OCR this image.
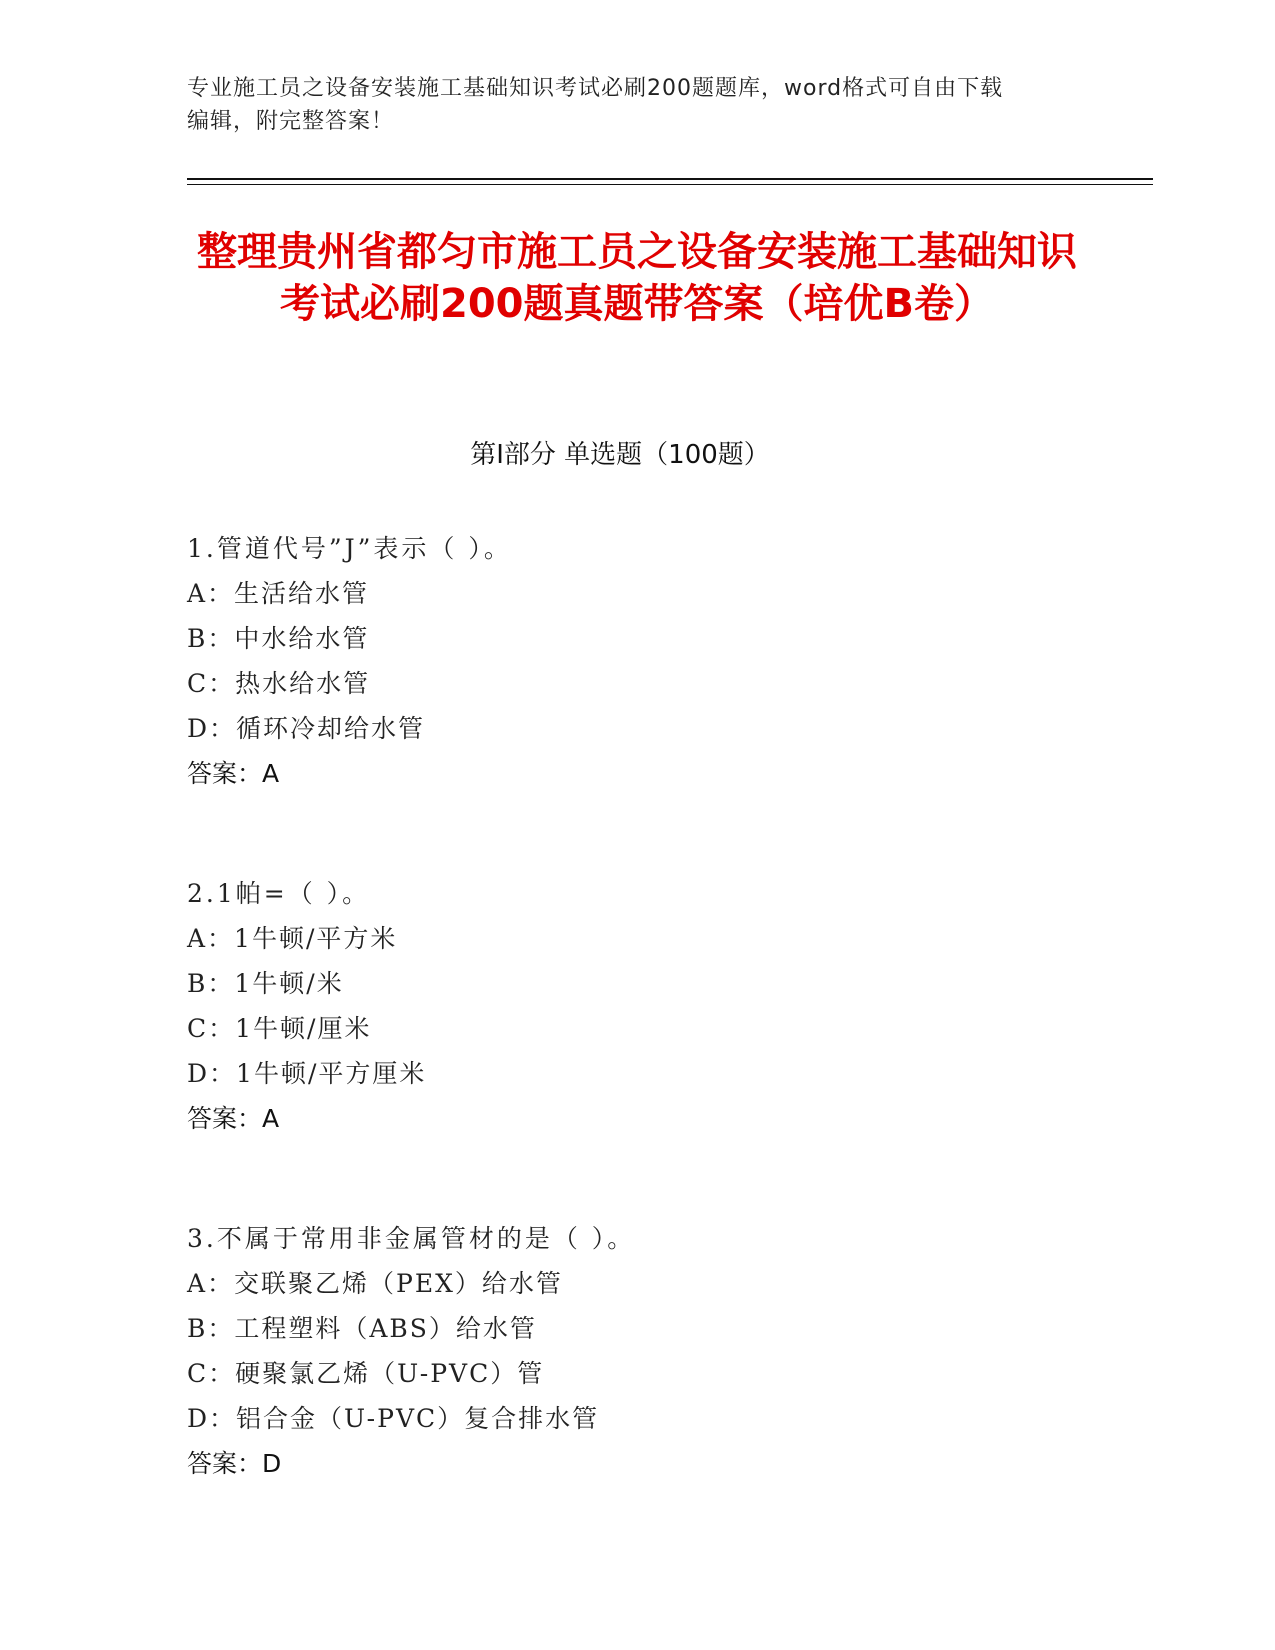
专业施工员之设备安装施工基础知识考试必刷200题题库，word格式可自由下载
编辑，附完整答案！
整理贵州省都匀市施工员之设备安装施工基础知识考试必刷200题真题带答案（培优B卷）
第Ⅰ部分 单选题（100题）
1.管道代号”J”表示（ ）。
A：生活给水管
B：中水给水管
C：热水给水管
D：循环冷却给水管
答案：A
2.1帕=（ ）。
A：1牛顿/平方米
B：1牛顿/米
C：1牛顿/厘米
D：1牛顿/平方厘米
答案：A
3.不属于常用非金属管材的是（ ）。
A：交联聚乙烯（PEX）给水管
B：工程塑料（ABS）给水管
C：硬聚氯乙烯（U-PVC）管
D：铝合金（U-PVC）复合排水管
答案：D
